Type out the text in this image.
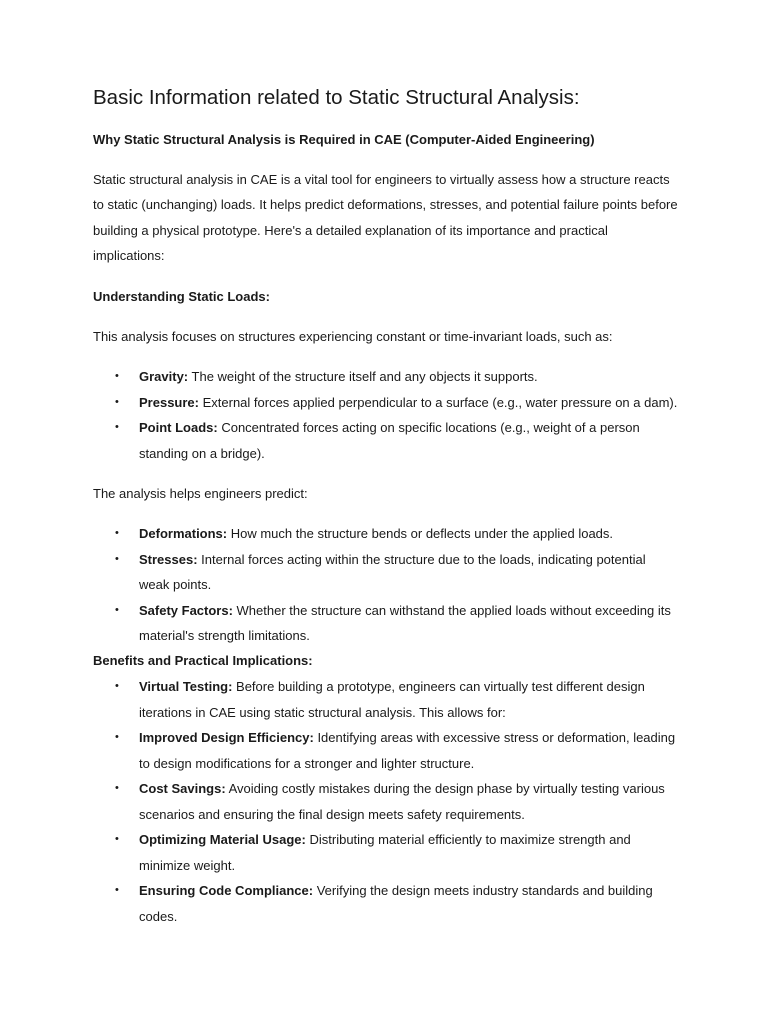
Basic Information related to Static Structural Analysis:

Why Static Structural Analysis is Required in CAE (Computer-Aided Engineering)

Static structural analysis in CAE is a vital tool for engineers to virtually assess how a structure reacts

to static (unchanging) loads. It helps predict deformations, stresses, and potential failure points before

building a physical prototype. Here's a detailed explanation of its importance and practical

implications:

Understanding Static Loads:

This analysis focuses on structures experiencing constant or time-invariant loads, such as:

• Gravity: The weight of the structure itself and any objects it supports.
• Pressure: External forces applied perpendicular to a surface (e.g., water pressure on a dam).
• Point Loads: Concentrated forces acting on specific locations (e.g., weight of a person
standing on a bridge).

The analysis helps engineers predict:

• Deformations: How much the structure bends or deflects under the applied loads.
• Stresses: Internal forces acting within the structure due to the loads, indicating potential
weak points.
• Safety Factors: Whether the structure can withstand the applied loads without exceeding its
material's strength limitations.

Benefits and Practical Implications:

• Virtual Testing: Before building a prototype, engineers can virtually test different design
iterations in CAE using static structural analysis. This allows for:
• Improved Design Efficiency: Identifying areas with excessive stress or deformation, leading
to design modifications for a stronger and lighter structure.
• Cost Savings: Avoiding costly mistakes during the design phase by virtually testing various
scenarios and ensuring the final design meets safety requirements.
• Optimizing Material Usage: Distributing material efficiently to maximize strength and
minimize weight.
• Ensuring Code Compliance: Verifying the design meets industry standards and building
codes.
